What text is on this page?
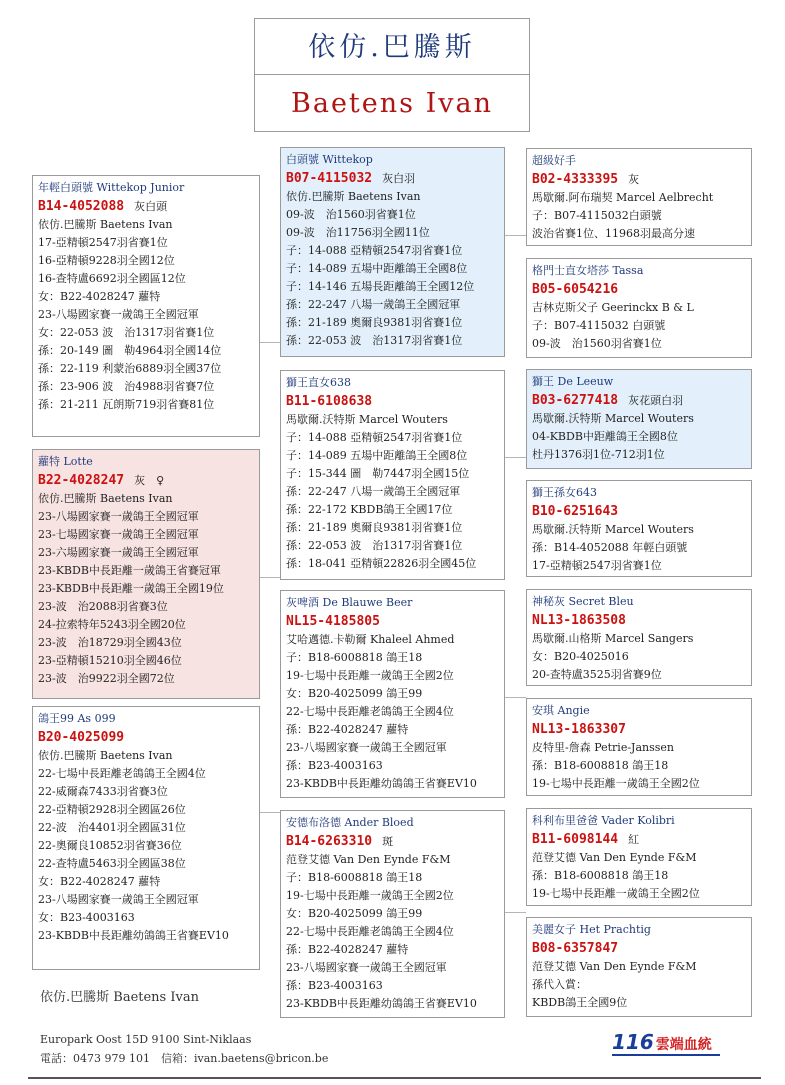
依仿.巴騰斯
Baetens Ivan
年輕白頭號 Wittekop Junior
B14-4052088 灰白頭
依仿.巴騰斯 Baetens Ivan
17-亞精頓2547羽省賽1位
16-亞精頓9228羽全國12位
16-查特盧6692羽全國區12位
女：B22-4028247 蘿特
23-八場國家賽一歲鴿王全國冠軍
女：22-053 波　治1317羽省賽1位
孫：20-149 圖　勒4964羽全國14位
孫：22-119 利蒙治6889羽全國37位
孫：23-906 波　治4988羽省賽7位
孫：21-211 瓦朗斯719羽省賽81位
蘿特 Lotte
B22-4028247 灰　♀
依仿.巴騰斯 Baetens Ivan
23-八場國家賽一歲鴿王全國冠軍
23-七場國家賽一歲鴿王全國冠軍
23-六場國家賽一歲鴿王全國冠軍
23-KBDB中長距離一歲鴿王省賽冠軍
23-KBDB中長距離一歲鴿王全國19位
23-波　治2088羽省賽3位
24-拉索特年5243羽全國20位
23-波　治18729羽全國43位
23-亞精頓15210羽全國46位
23-波　治9922羽全國72位
鴿王99 As 099
B20-4025099
依仿.巴騰斯 Baetens Ivan
22-七場中長距離老鴿鴿王全國4位
22-威爾森7433羽省賽3位
22-亞精頓2928羽全國區26位
22-波　治4401羽全國區31位
22-奧爾良10852羽省賽36位
22-查特盧5463羽全國區38位
女：B22-4028247 蘿特
23-八場國家賽一歲鴿王全國冠軍
女：B23-4003163
23-KBDB中長距離幼鴿鴿王省賽EV10
白頭號 Wittekop
B07-4115032 灰白羽
依仿.巴騰斯 Baetens Ivan
09-波　治1560羽省賽1位
09-波　治11756羽全國11位
子：14-088 亞精頓2547羽省賽1位
子：14-089 五場中距離鴿王全國8位
子：14-146 五場長距離鴿王全國12位
孫：22-247 八場一歲鴿王全國冠軍
孫：21-189 奧爾良9381羽省賽1位
孫：22-053 波　治1317羽省賽1位
獅王直女638
B11-6108638
馬歇爾.沃特斯 Marcel Wouters
子：14-088 亞精頓2547羽省賽1位
子：14-089 五場中距離鴿王全國8位
子：15-344 圖　勒7447羽全國15位
孫：22-247 八場一歲鴿王全國冠軍
孫：22-172 KBDB鴿王全國17位
孫：21-189 奧爾良9381羽省賽1位
孫：22-053 波　治1317羽省賽1位
孫：18-041 亞精頓22826羽全國45位
灰啤酒 De Blauwe Beer
NL15-4185805
艾哈邁德.卡勒爾 Khaleel Ahmed
子：B18-6008818 鴿王18
19-七場中長距離一歲鴿王全國2位
女：B20-4025099 鴿王99
22-七場中長距離老鴿鴿王全國4位
孫：B22-4028247 蘿特
23-八場國家賽一歲鴿王全國冠軍
孫：B23-4003163
23-KBDB中長距離幼鴿鴿王省賽EV10
安德布洛德 Ander Bloed
B14-6263310 斑
范登艾德 Van Den Eynde F&M
子：B18-6008818 鴿王18
19-七場中長距離一歲鴿王全國2位
女：B20-4025099 鴿王99
22-七場中長距離老鴿鴿王全國4位
孫：B22-4028247 蘿特
23-八場國家賽一歲鴿王全國冠軍
孫：B23-4003163
23-KBDB中長距離幼鴿鴿王省賽EV10
超級好手
B02-4333395 灰
馬歇爾.阿布瑞契 Marcel Aelbrecht
子：B07-4115032白頭號
波治省賽1位、11968羽最高分速
格門士直女塔莎 Tassa
B05-6054216
吉林克斯父子 Geerinckx B & L
子：B07-4115032 白頭號
09-波　治1560羽省賽1位
獅王 De Leeuw
B03-6277418 灰花頭白羽
馬歇爾.沃特斯 Marcel Wouters
04-KBDB中距離鴿王全國8位
杜丹1376羽1位-712羽1位
獅王孫女643
B10-6251643
馬歇爾.沃特斯 Marcel Wouters
孫：B14-4052088 年輕白頭號
17-亞精頓2547羽省賽1位
神秘灰 Secret Bleu
NL13-1863508
馬歇爾.山格斯 Marcel Sangers
女：B20-4025016
20-查特盧3525羽省賽9位
安琪 Angie
NL13-1863307
皮特里-詹森 Petrie-Janssen
孫：B18-6008818 鴿王18
19-七場中長距離一歲鴿王全國2位
科利布里爸爸 Vader Kolibri
B11-6098144 紅
范登艾德 Van Den Eynde F&M
孫：B18-6008818 鴿王18
19-七場中長距離一歲鴿王全國2位
美麗女子 Het Prachtig
B08-6357847
范登艾德 Van Den Eynde F&M
孫代入賞：
KBDB鴿王全國9位
依仿.巴騰斯 Baetens Ivan
Europark Oost 15D 9100 Sint-Niklaas
電話：0473 979 101　信箱：ivan.baetens@bricon.be
116 雲端血統
